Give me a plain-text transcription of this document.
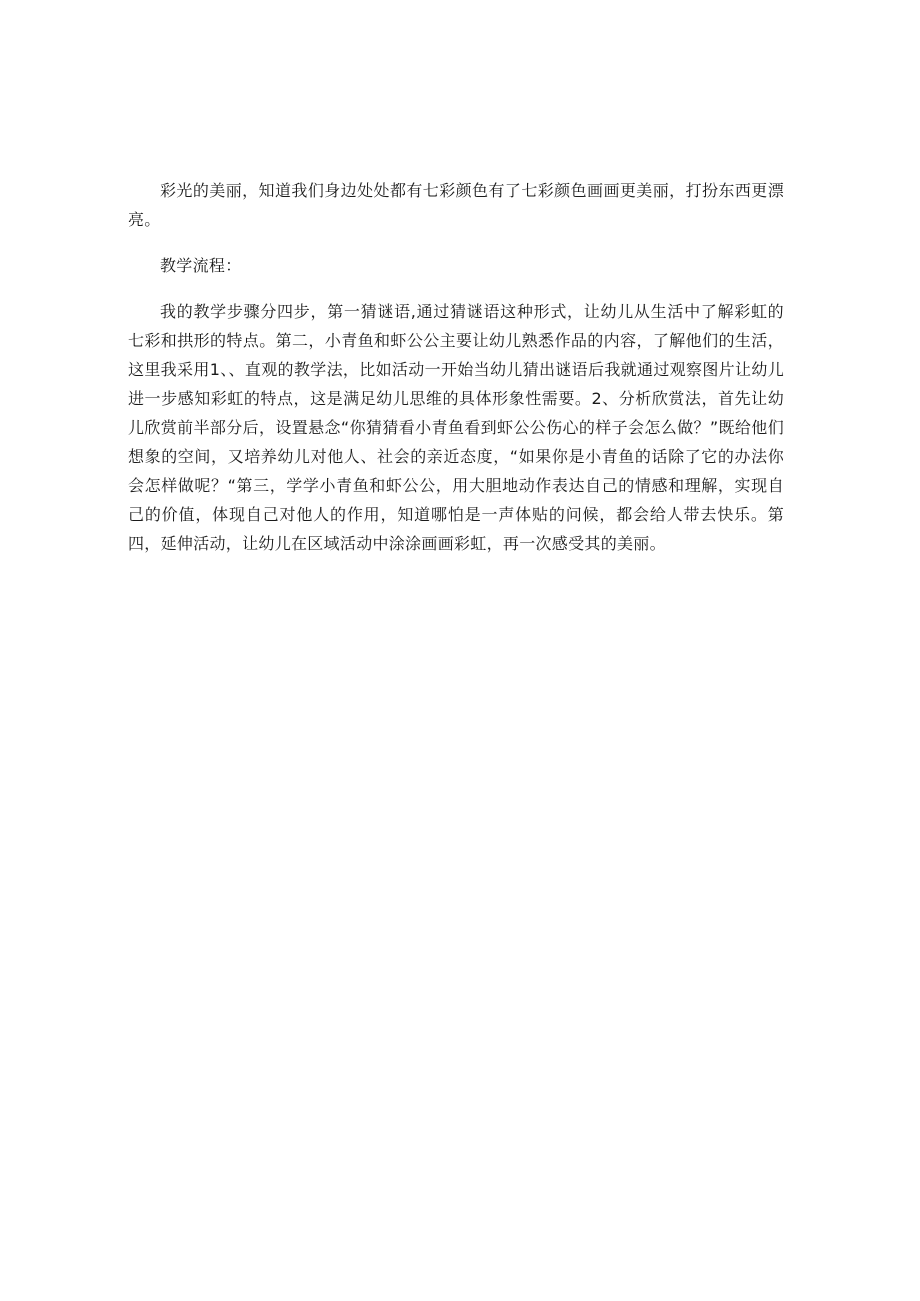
彩光的美丽，知道我们身边处处都有七彩颜色有了七彩颜色画画更美丽，打扮东西更漂亮。

教学流程：

我的教学步骤分四步，第一猜谜语,通过猜谜语这种形式，让幼儿从生活中了解彩虹的七彩和拱形的特点。第二，小青鱼和虾公公主要让幼儿熟悉作品的内容，了解他们的生活，这里我采用1、、直观的教学法，比如活动一开始当幼儿猜出谜语后我就通过观察图片让幼儿进一步感知彩虹的特点，这是满足幼儿思维的具体形象性需要。2、分析欣赏法，首先让幼儿欣赏前半部分后，设置悬念“你猜猜看小青鱼看到虾公公伤心的样子会怎么做？”既给他们想象的空间，又培养幼儿对他人、社会的亲近态度，“如果你是小青鱼的话除了它的办法你会怎样做呢？“第三，学学小青鱼和虾公公，用大胆地动作表达自己的情感和理解，实现自己的价值，体现自己对他人的作用，知道哪怕是一声体贴的问候，都会给人带去快乐。第四，延伸活动，让幼儿在区域活动中涂涂画画彩虹，再一次感受其的美丽。
